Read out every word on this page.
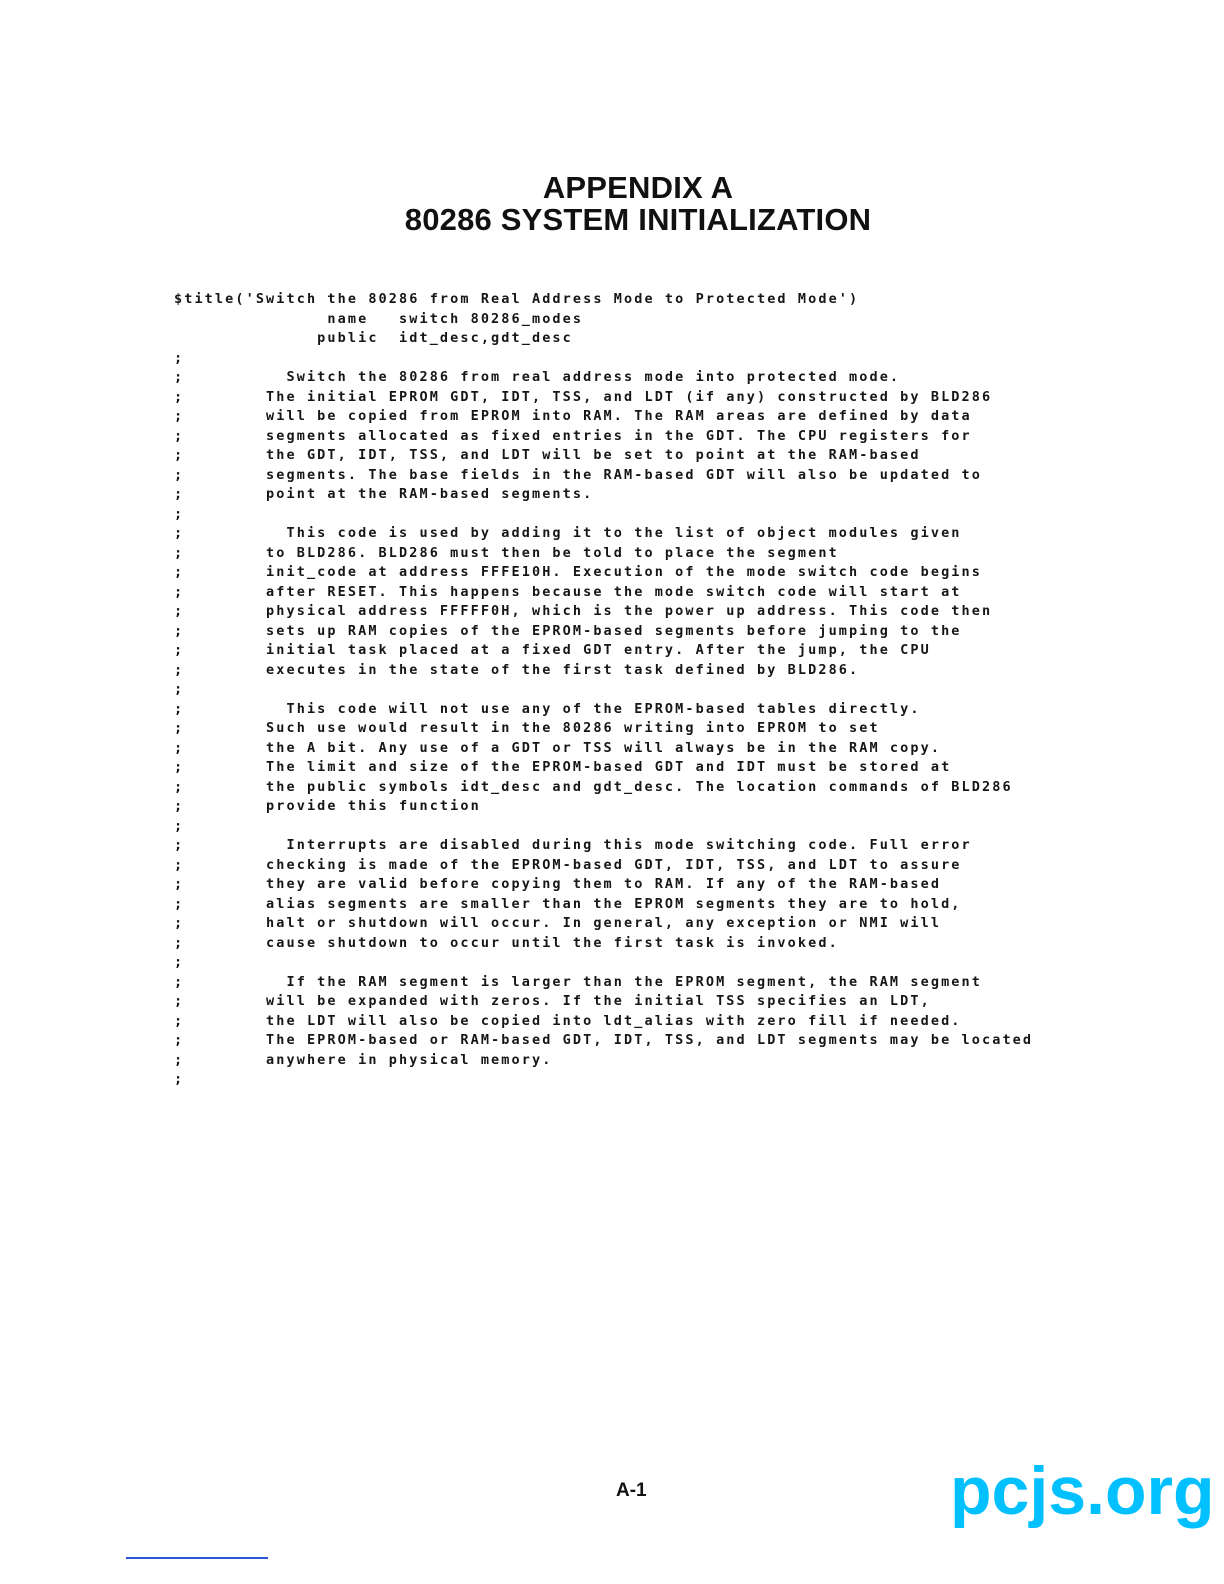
APPENDIX A
80286 SYSTEM INITIALIZATION
$title('Switch the 80286 from Real Address Mode to Protected Mode')
name   switch 80286_modes
public  idt_desc,gdt_desc
;
;          Switch the 80286 from real address mode into protected mode.
;        The initial EPROM GDT, IDT, TSS, and LDT (if any) constructed by BLD286
;        will be copied from EPROM into RAM. The RAM areas are defined by data
;        segments allocated as fixed entries in the GDT. The CPU registers for
;        the GDT, IDT, TSS, and LDT will be set to point at the RAM-based
;        segments. The base fields in the RAM-based GDT will also be updated to
;        point at the RAM-based segments.
;
;          This code is used by adding it to the list of object modules given
;        to BLD286. BLD286 must then be told to place the segment
;        init_code at address FFFE10H. Execution of the mode switch code begins
;        after RESET. This happens because the mode switch code will start at
;        physical address FFFFF0H, which is the power up address. This code then
;        sets up RAM copies of the EPROM-based segments before jumping to the
;        initial task placed at a fixed GDT entry. After the jump, the CPU
;        executes in the state of the first task defined by BLD286.
;
;          This code will not use any of the EPROM-based tables directly.
;        Such use would result in the 80286 writing into EPROM to set
;        the A bit. Any use of a GDT or TSS will always be in the RAM copy.
;        The limit and size of the EPROM-based GDT and IDT must be stored at
;        the public symbols idt_desc and gdt_desc. The location commands of BLD286
;        provide this function
;
;          Interrupts are disabled during this mode switching code. Full error
;        checking is made of the EPROM-based GDT, IDT, TSS, and LDT to assure
;        they are valid before copying them to RAM. If any of the RAM-based
;        alias segments are smaller than the EPROM segments they are to hold,
;        halt or shutdown will occur. In general, any exception or NMI will
;        cause shutdown to occur until the first task is invoked.
;
;          If the RAM segment is larger than the EPROM segment, the RAM segment
;        will be expanded with zeros. If the initial TSS specifies an LDT,
;        the LDT will also be copied into ldt_alias with zero fill if needed.
;        The EPROM-based or RAM-based GDT, IDT, TSS, and LDT segments may be located
;        anywhere in physical memory.
;
A-1	pcjs.org
